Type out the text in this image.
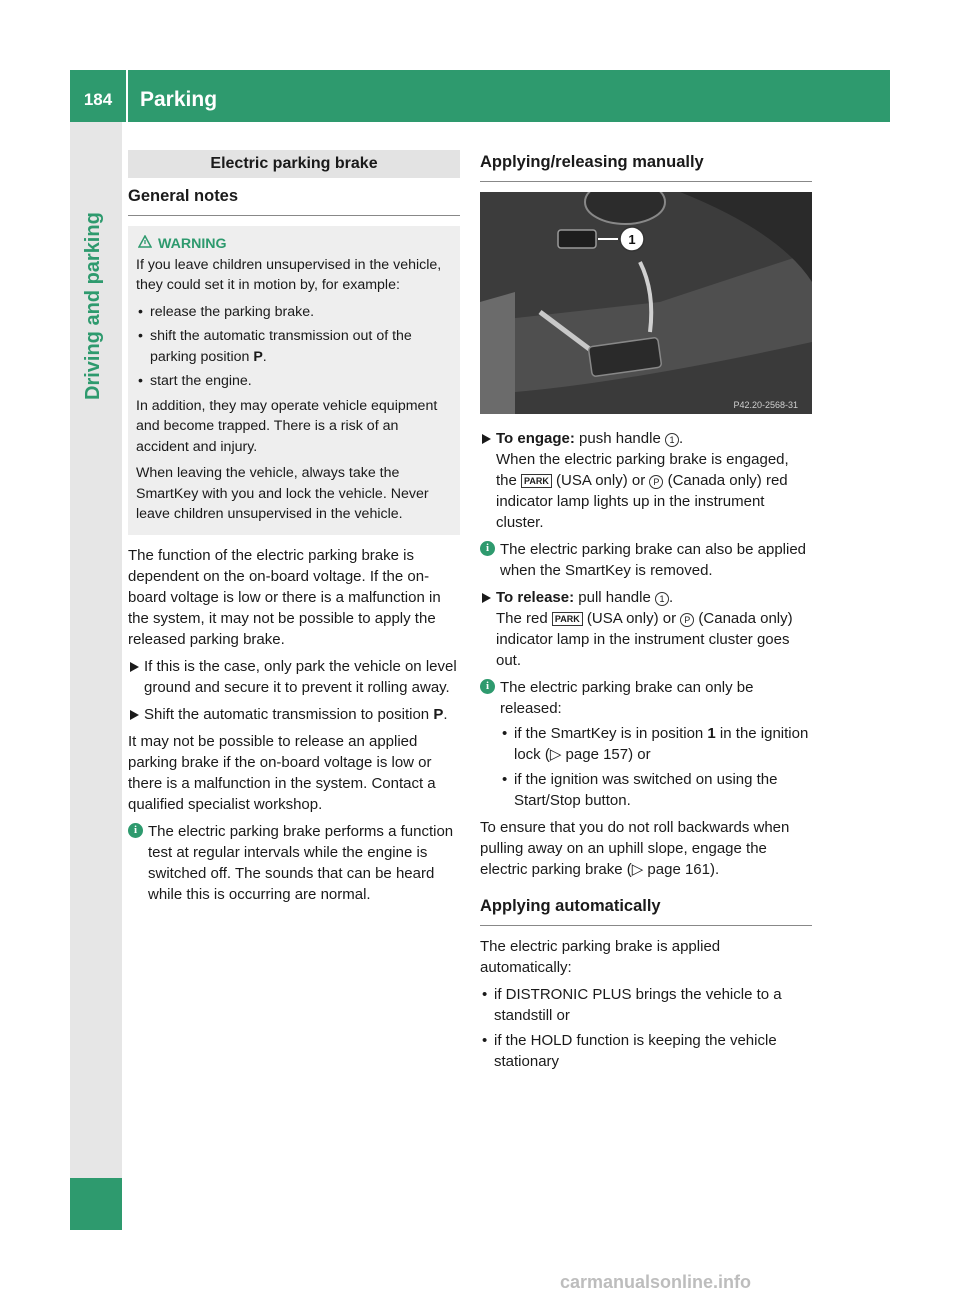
184	Parking
Electric parking brake
General notes
WARNING

If you leave children unsupervised in the vehicle, they could set it in motion by, for example:

• release the parking brake.
• shift the automatic transmission out of the parking position P.
• start the engine.

In addition, they may operate vehicle equipment and become trapped. There is a risk of an accident and injury.

When leaving the vehicle, always take the SmartKey with you and lock the vehicle. Never leave children unsupervised in the vehicle.

The function of the electric parking brake is dependent on the on-board voltage. If the on-board voltage is low or there is a malfunction in the system, it may not be possible to apply the released parking brake.

If this is the case, only park the vehicle on level ground and secure it to prevent it rolling away.
Shift the automatic transmission to position P.

It may not be possible to release an applied parking brake if the on-board voltage is low or there is a malfunction in the system. Contact a qualified specialist workshop.

i The electric parking brake performs a function test at regular intervals while the engine is switched off. The sounds that can be heard while this is occurring are normal.
Applying/releasing manually
1
P42.20-2568-31
To engage: push handle 1 .
When the electric parking brake is engaged, the PARK (USA only) or P (Canada only) red indicator lamp lights up in the instrument cluster.
i The electric parking brake can also be applied when the SmartKey is removed.
To release: pull handle 1 .
The red PARK (USA only) or P (Canada only) indicator lamp in the instrument cluster goes out.
i The electric parking brake can only be released:
• if the SmartKey is in position 1 in the ignition lock (▷ page 157) or
• if the ignition was switched on using the Start/Stop button.

To ensure that you do not roll backwards when pulling away on an uphill slope, engage the electric parking brake (▷ page 161).

Applying automatically

The electric parking brake is applied automatically:

• if DISTRONIC PLUS brings the vehicle to a standstill or
• if the HOLD function is keeping the vehicle stationary
carmanualsonline.info
